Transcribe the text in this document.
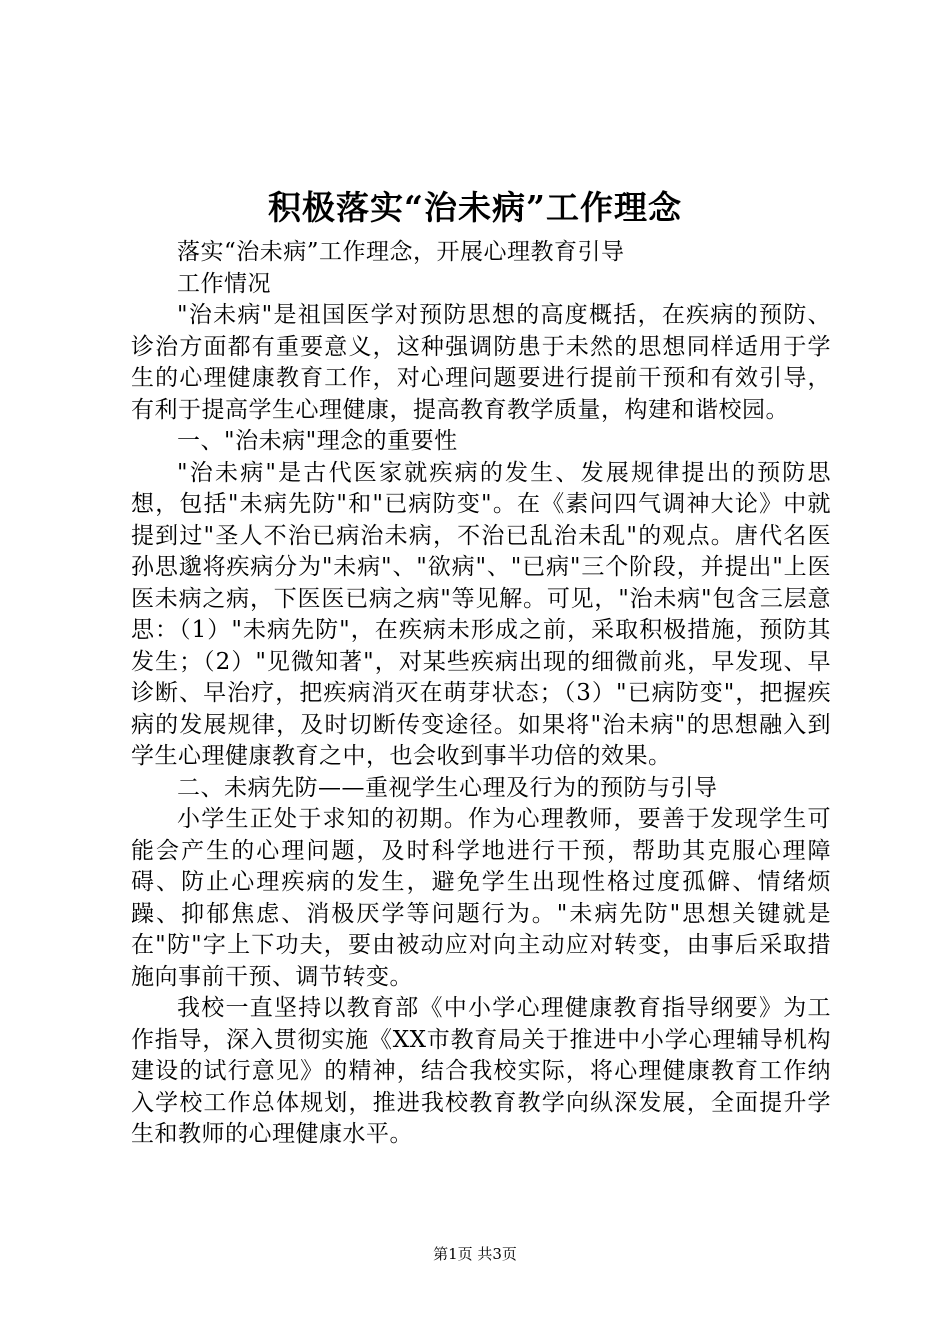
积极落实“治未病”工作理念

落实“治未病”工作理念，开展心理教育引导

工作情况

"治未病"是祖国医学对预防思想的高度概括，在疾病的预防、诊治方面都有重要意义，这种强调防患于未然的思想同样适用于学生的心理健康教育工作，对心理问题要进行提前干预和有效引导，有利于提高学生心理健康，提高教育教学质量，构建和谐校园。

一、"治未病"理念的重要性

"治未病"是古代医家就疾病的发生、发展规律提出的预防思想，包括"未病先防"和"已病防变"。在《素问四气调神大论》中就提到过"圣人不治已病治未病，不治已乱治未乱"的观点。唐代名医孙思邈将疾病分为"未病"、"欲病"、"已病"三个阶段，并提出"上医医未病之病，下医医已病之病"等见解。可见，"治未病"包含三层意思：（1）"未病先防"，在疾病未形成之前，采取积极措施，预防其发生；（2）"见微知著"，对某些疾病出现的细微前兆，早发现、早诊断、早治疗，把疾病消灭在萌芽状态；（3）"已病防变"，把握疾病的发展规律，及时切断传变途径。如果将"治未病"的思想融入到学生心理健康教育之中，也会收到事半功倍的效果。

二、未病先防——重视学生心理及行为的预防与引导

小学生正处于求知的初期。作为心理教师，要善于发现学生可能会产生的心理问题，及时科学地进行干预，帮助其克服心理障碍、防止心理疾病的发生，避免学生出现性格过度孤僻、情绪烦躁、抑郁焦虑、消极厌学等问题行为。"未病先防"思想关键就是在"防"字上下功夫，要由被动应对向主动应对转变，由事后采取措施向事前干预、调节转变。

我校一直坚持以教育部《中小学心理健康教育指导纲要》为工作指导，深入贯彻实施《XX市教育局关于推进中小学心理辅导机构建设的试行意见》的精神，结合我校实际，将心理健康教育工作纳入学校工作总体规划，推进我校教育教学向纵深发展，全面提升学生和教师的心理健康水平。

第1页 共3页
